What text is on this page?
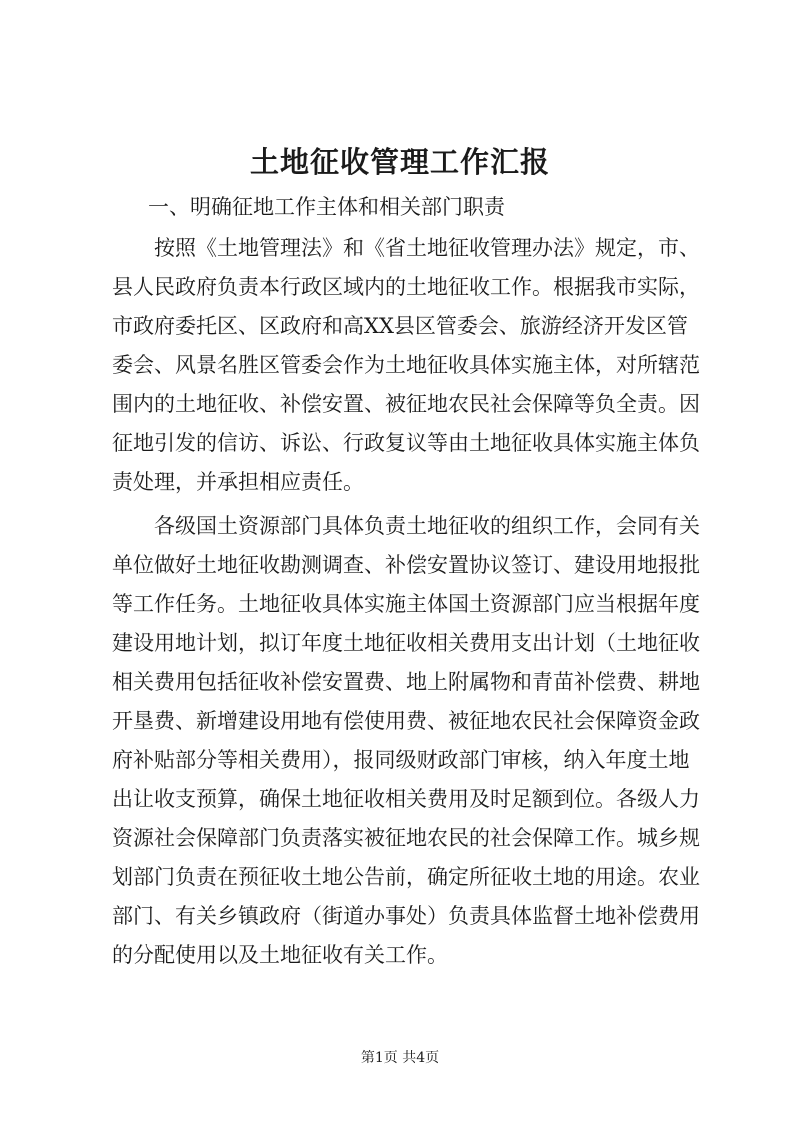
土地征收管理工作汇报
一、明确征地工作主体和相关部门职责
　　按照《土地管理法》和《省土地征收管理办法》规定，市、
县人民政府负责本行政区域内的土地征收工作。根据我市实际，
市政府委托区、区政府和高XX县区管委会、旅游经济开发区管
委会、风景名胜区管委会作为土地征收具体实施主体，对所辖范
围内的土地征收、补偿安置、被征地农民社会保障等负全责。因
征地引发的信访、诉讼、行政复议等由土地征收具体实施主体负
责处理，并承担相应责任。
　　各级国土资源部门具体负责土地征收的组织工作，会同有关
单位做好土地征收勘测调查、补偿安置协议签订、建设用地报批
等工作任务。土地征收具体实施主体国土资源部门应当根据年度
建设用地计划，拟订年度土地征收相关费用支出计划（土地征收
相关费用包括征收补偿安置费、地上附属物和青苗补偿费、耕地
开垦费、新增建设用地有偿使用费、被征地农民社会保障资金政
府补贴部分等相关费用），报同级财政部门审核，纳入年度土地
出让收支预算，确保土地征收相关费用及时足额到位。各级人力
资源社会保障部门负责落实被征地农民的社会保障工作。城乡规
划部门负责在预征收土地公告前，确定所征收土地的用途。农业
部门、有关乡镇政府（街道办事处）负责具体监督土地补偿费用
的分配使用以及土地征收有关工作。
第1页 共4页
